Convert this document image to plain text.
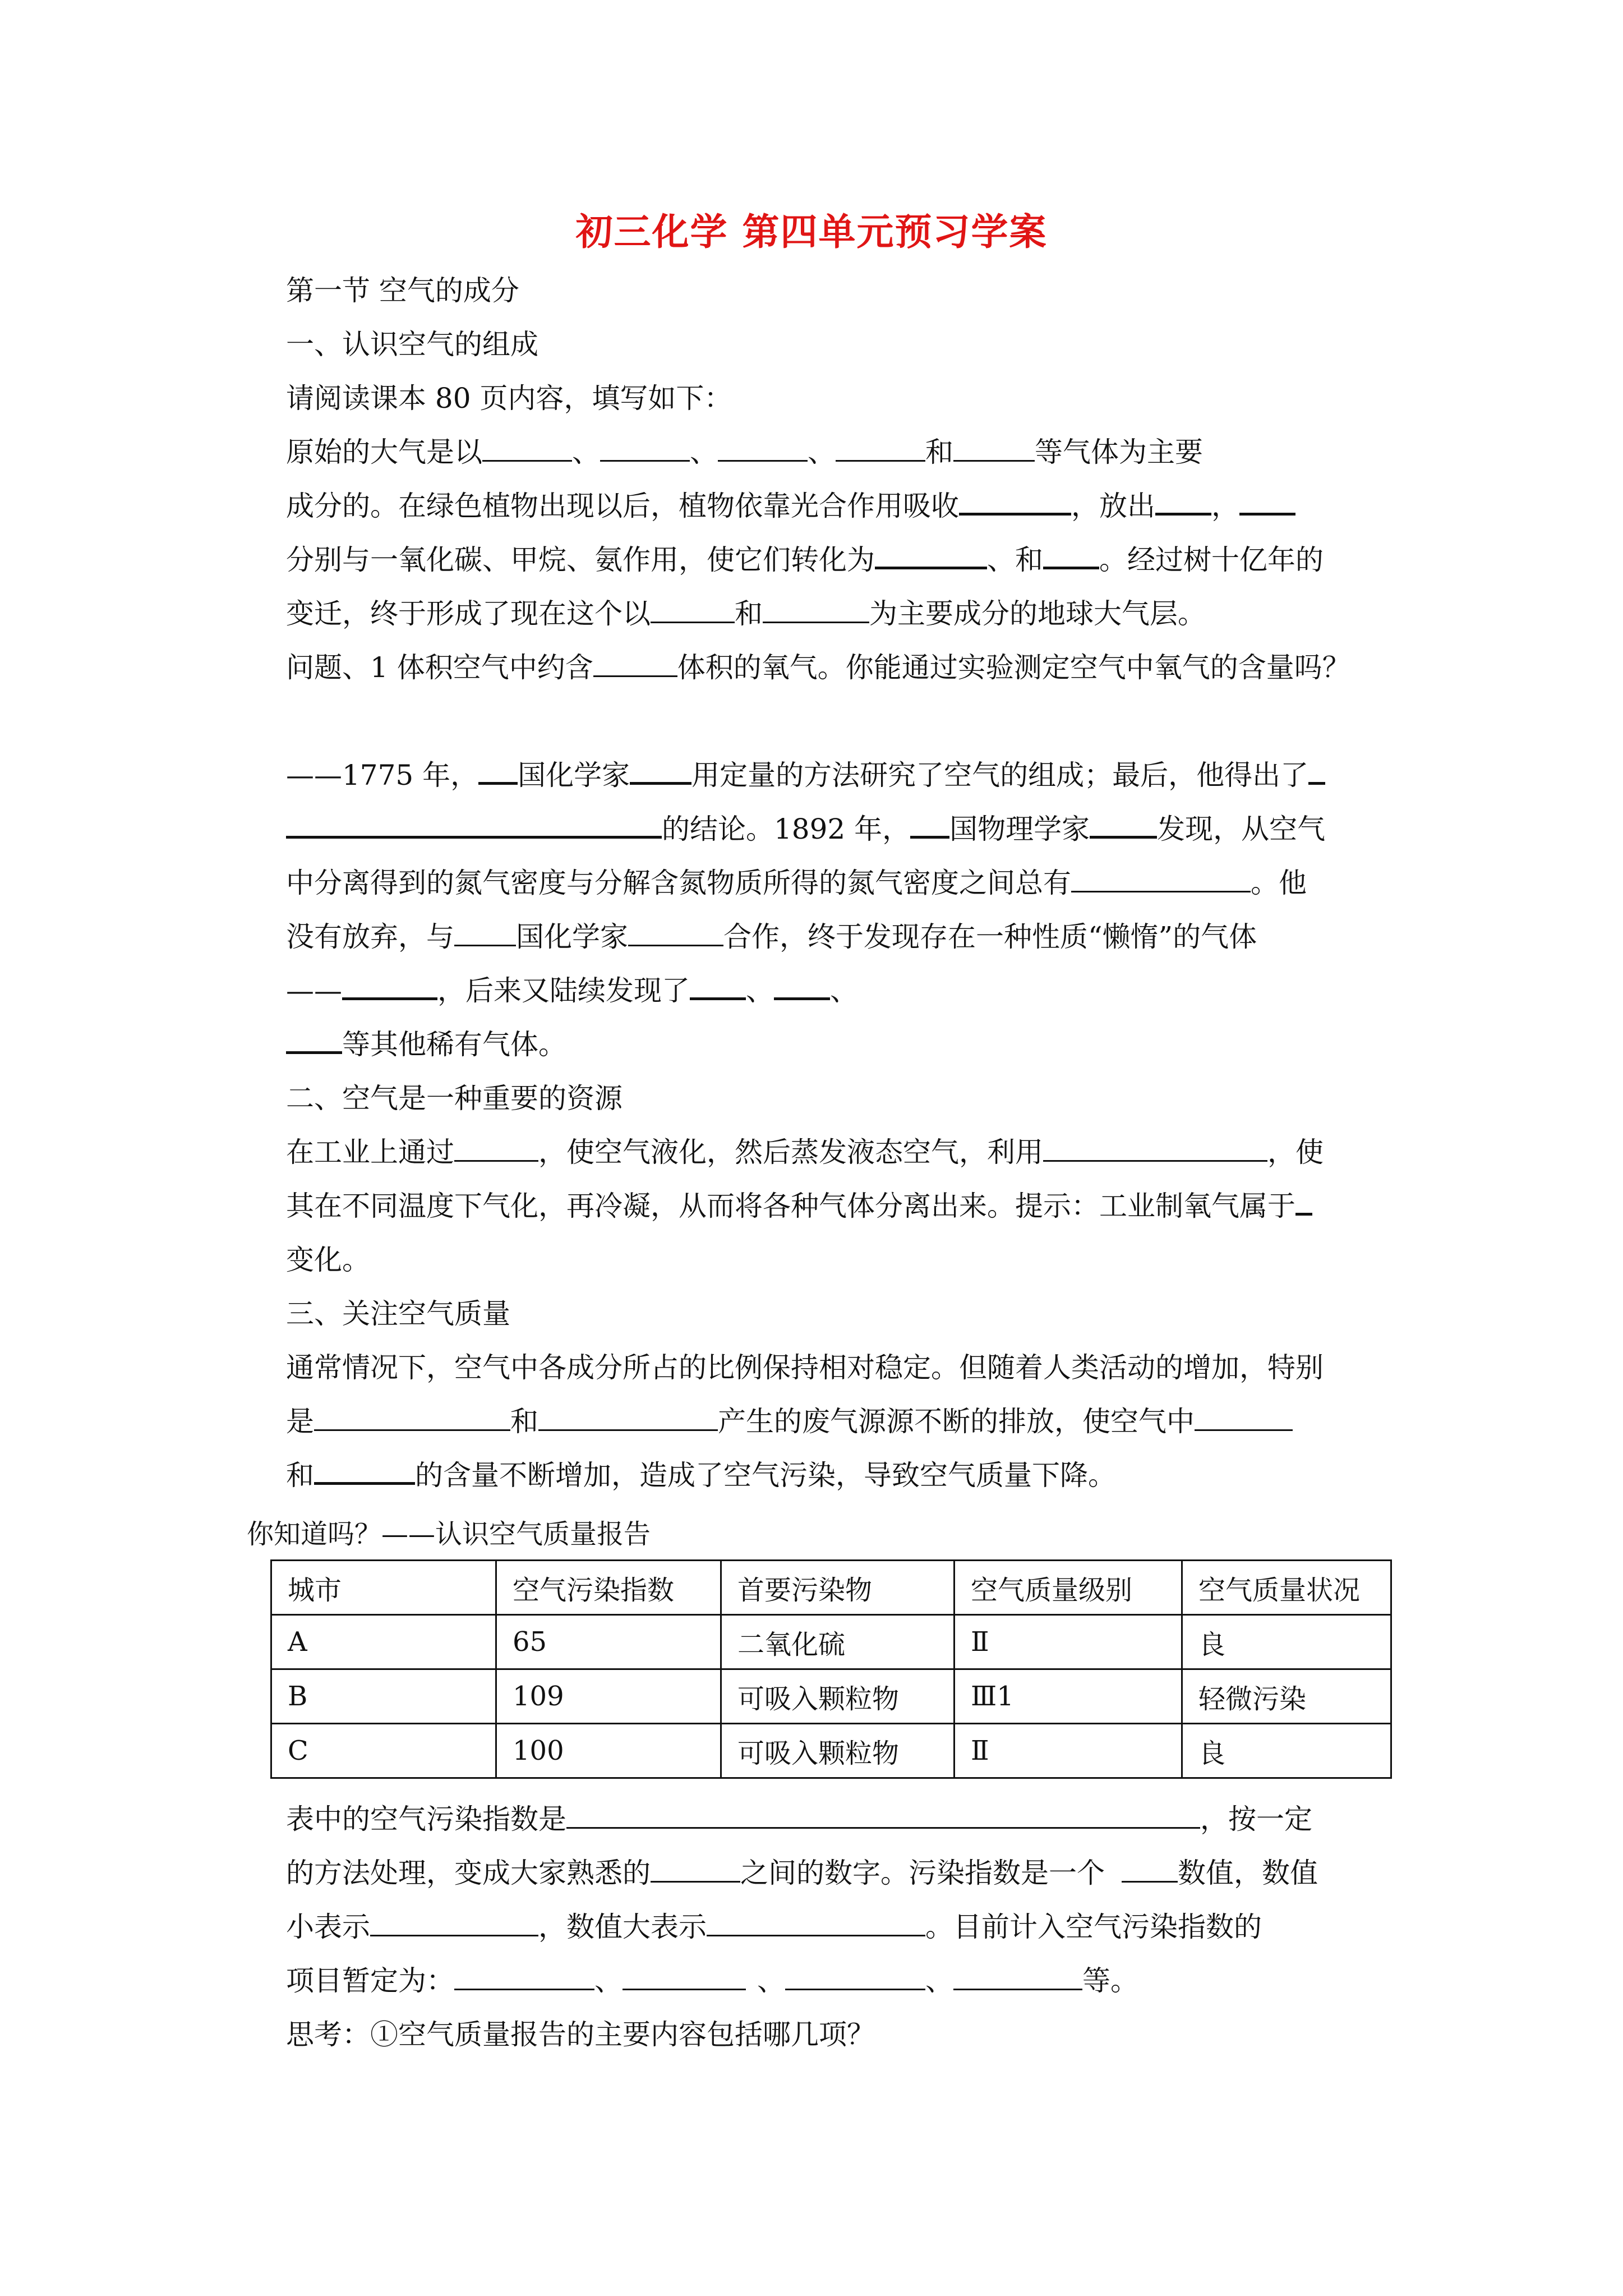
初三化学 第四单元预习学案
第一节 空气的成分
一、认识空气的组成
请阅读课本 80 页内容，填写如下：
原始的大气是以	、	、	、	和	等气体为主要
成分的。在绿色植物出现以后，植物依靠光合作用吸收	，放出 ，
分别与一氧化碳、甲烷、氨作用，使它们转化为	、和 。经过树十亿年的
变迁，终于形成了现在这个以	和	为主要成分的地球大气层。
问题、1 体积空气中约含	体积的氧气。你能通过实验测定空气中氧气的含量吗？
——1775 年， 国化学家 用定量的方法研究了空气的组成；最后，他得出了
的结论。1892 年， 国物理学家 发现，从空气
中分离得到的氮气密度与分解含氮物质所得的氮气密度之间总有	。他
没有放弃，与 国化学家	合作，终于发现存在一种性质“懒惰”的气体
——	，后来又陆续发现了 、 、
等其他稀有气体。
二、空气是一种重要的资源
在工业上通过	，使空气液化，然后蒸发液态空气，利用	，使
其在不同温度下气化，再冷凝，从而将各种气体分离出来。提示：工业制氧气属于
变化。
三、关注空气质量
通常情况下，空气中各成分所占的比例保持相对稳定。但随着人类活动的增加，特别
是	和	产生的废气源源不断的排放，使空气中
和	的含量不断增加，造成了空气污染，导致空气质量下降。
你知道吗？——认识空气质量报告
城市	空气污染指数	首要污染物	空气质量级别	空气质量状况
A	65	二氧化硫	Ⅱ	良
B	109	可吸入颗粒物	Ⅲ1	轻微污染
C	100	可吸入颗粒物	Ⅱ	良
表中的空气污染指数是	，按一定
的方法处理，变成大家熟悉的	之间的数字。污染指数是一个	数值，数值
小表示	，数值大表示	。目前计入空气污染指数的
项目暂定为：	、	、	、	等。
思考：①空气质量报告的主要内容包括哪几项？
